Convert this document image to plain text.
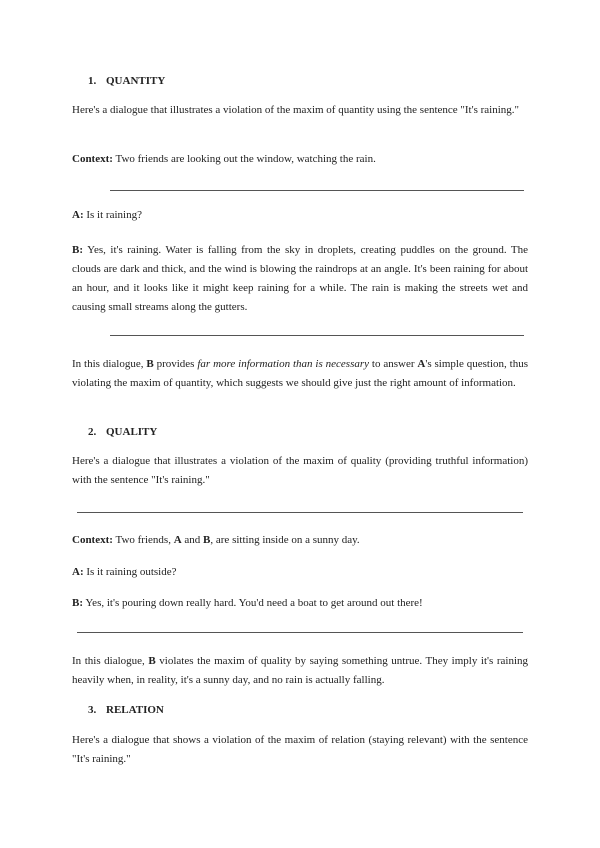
1. QUANTITY

Here's a dialogue that illustrates a violation of the maxim of quantity using the sentence "It's raining."

Context: Two friends are looking out the window, watching the rain.

A: Is it raining?

B: Yes, it's raining. Water is falling from the sky in droplets, creating puddles on the ground. The clouds are dark and thick, and the wind is blowing the raindrops at an angle. It's been raining for about an hour, and it looks like it might keep raining for a while. The rain is making the streets wet and causing small streams along the gutters.

In this dialogue, B provides far more information than is necessary to answer A's simple question, thus violating the maxim of quantity, which suggests we should give just the right amount of information.

2. QUALITY

Here's a dialogue that illustrates a violation of the maxim of quality (providing truthful information) with the sentence "It's raining."

Context: Two friends, A and B, are sitting inside on a sunny day.

A: Is it raining outside?

B: Yes, it's pouring down really hard. You'd need a boat to get around out there!

In this dialogue, B violates the maxim of quality by saying something untrue. They imply it's raining heavily when, in reality, it's a sunny day, and no rain is actually falling.

3. RELATION

Here's a dialogue that shows a violation of the maxim of relation (staying relevant) with the sentence "It's raining."
